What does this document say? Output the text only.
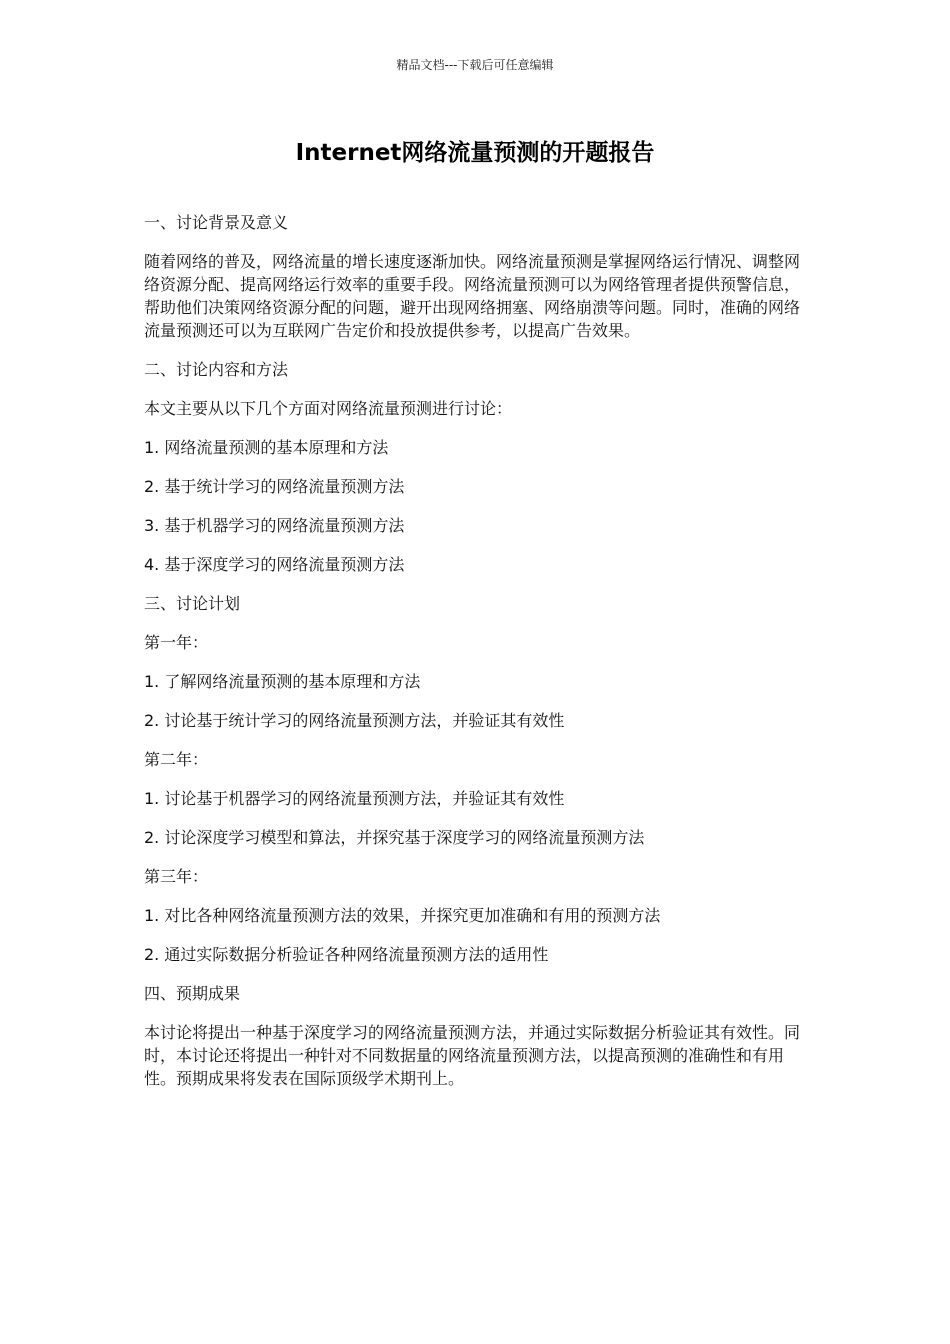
精品文档---下载后可任意编辑
Internet网络流量预测的开题报告

一、讨论背景及意义

随着网络的普及，网络流量的增长速度逐渐加快。网络流量预测是掌握网络运行情况、调整网络资源分配、提高网络运行效率的重要手段。网络流量预测可以为网络管理者提供预警信息，帮助他们决策网络资源分配的问题，避开出现网络拥塞、网络崩溃等问题。同时，准确的网络流量预测还可以为互联网广告定价和投放提供参考，以提高广告效果。

二、讨论内容和方法

本文主要从以下几个方面对网络流量预测进行讨论：

1. 网络流量预测的基本原理和方法

2. 基于统计学习的网络流量预测方法

3. 基于机器学习的网络流量预测方法

4. 基于深度学习的网络流量预测方法

三、讨论计划

第一年：

1. 了解网络流量预测的基本原理和方法

2. 讨论基于统计学习的网络流量预测方法，并验证其有效性

第二年：

1. 讨论基于机器学习的网络流量预测方法，并验证其有效性

2. 讨论深度学习模型和算法，并探究基于深度学习的网络流量预测方法

第三年：

1. 对比各种网络流量预测方法的效果，并探究更加准确和有用的预测方法

2. 通过实际数据分析验证各种网络流量预测方法的适用性

四、预期成果

本讨论将提出一种基于深度学习的网络流量预测方法，并通过实际数据分析验证其有效性。同时，本讨论还将提出一种针对不同数据量的网络流量预测方法，以提高预测的准确性和有用性。预期成果将发表在国际顶级学术期刊上。
